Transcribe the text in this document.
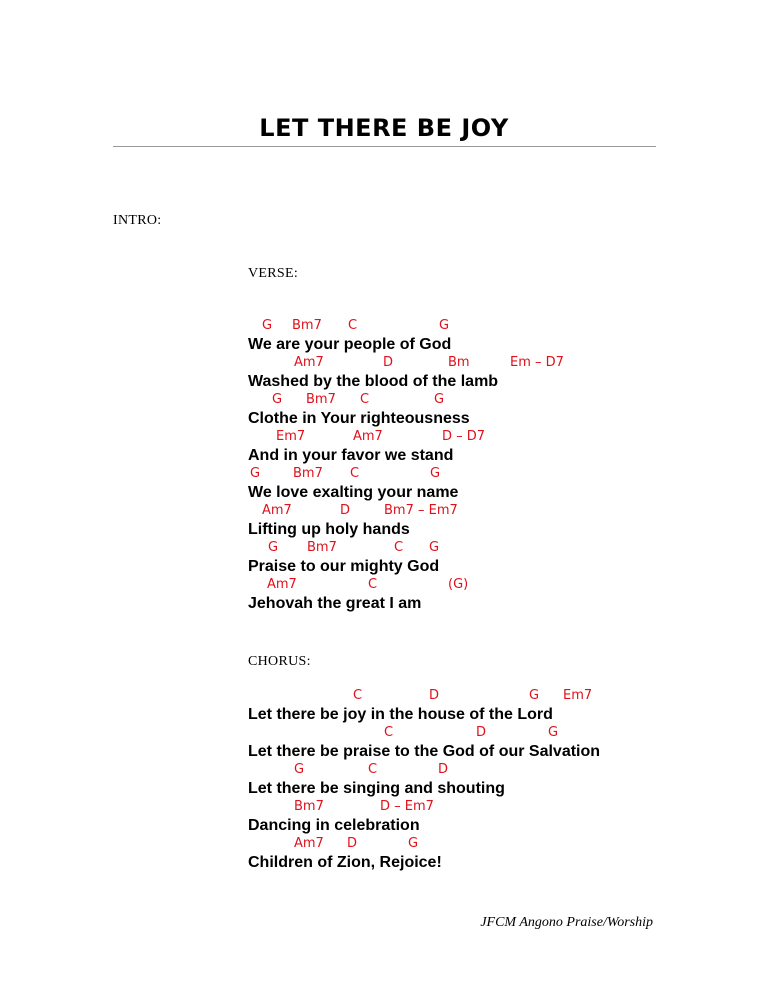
LET THERE BE JOY
INTRO:
VERSE:
G Bm7 C	G
We are your people of God
Am7	D	Bm	Em – D7
Washed by the blood of the lamb
G Bm7 C	G
Clothe in Your righteousness
Em7	Am7	D – D7
And in your favor we stand
G	Bm7 C	G
We love exalting your name
Am7	D	Bm7 – Em7
Lifting up holy hands
G Bm7	C G
Praise to our mighty God
Am7	C	(G)
Jehovah the great I am
CHORUS:
C	D	G Em7
Let there be joy in the house of the Lord
C	D	G
Let there be praise to the God of our Salvation
G	C	D
Let there be singing and shouting
Bm7	D – Em7
Dancing in celebration
Am7 D	G
Children of Zion, Rejoice!
JFCM Angono Praise/Worship
